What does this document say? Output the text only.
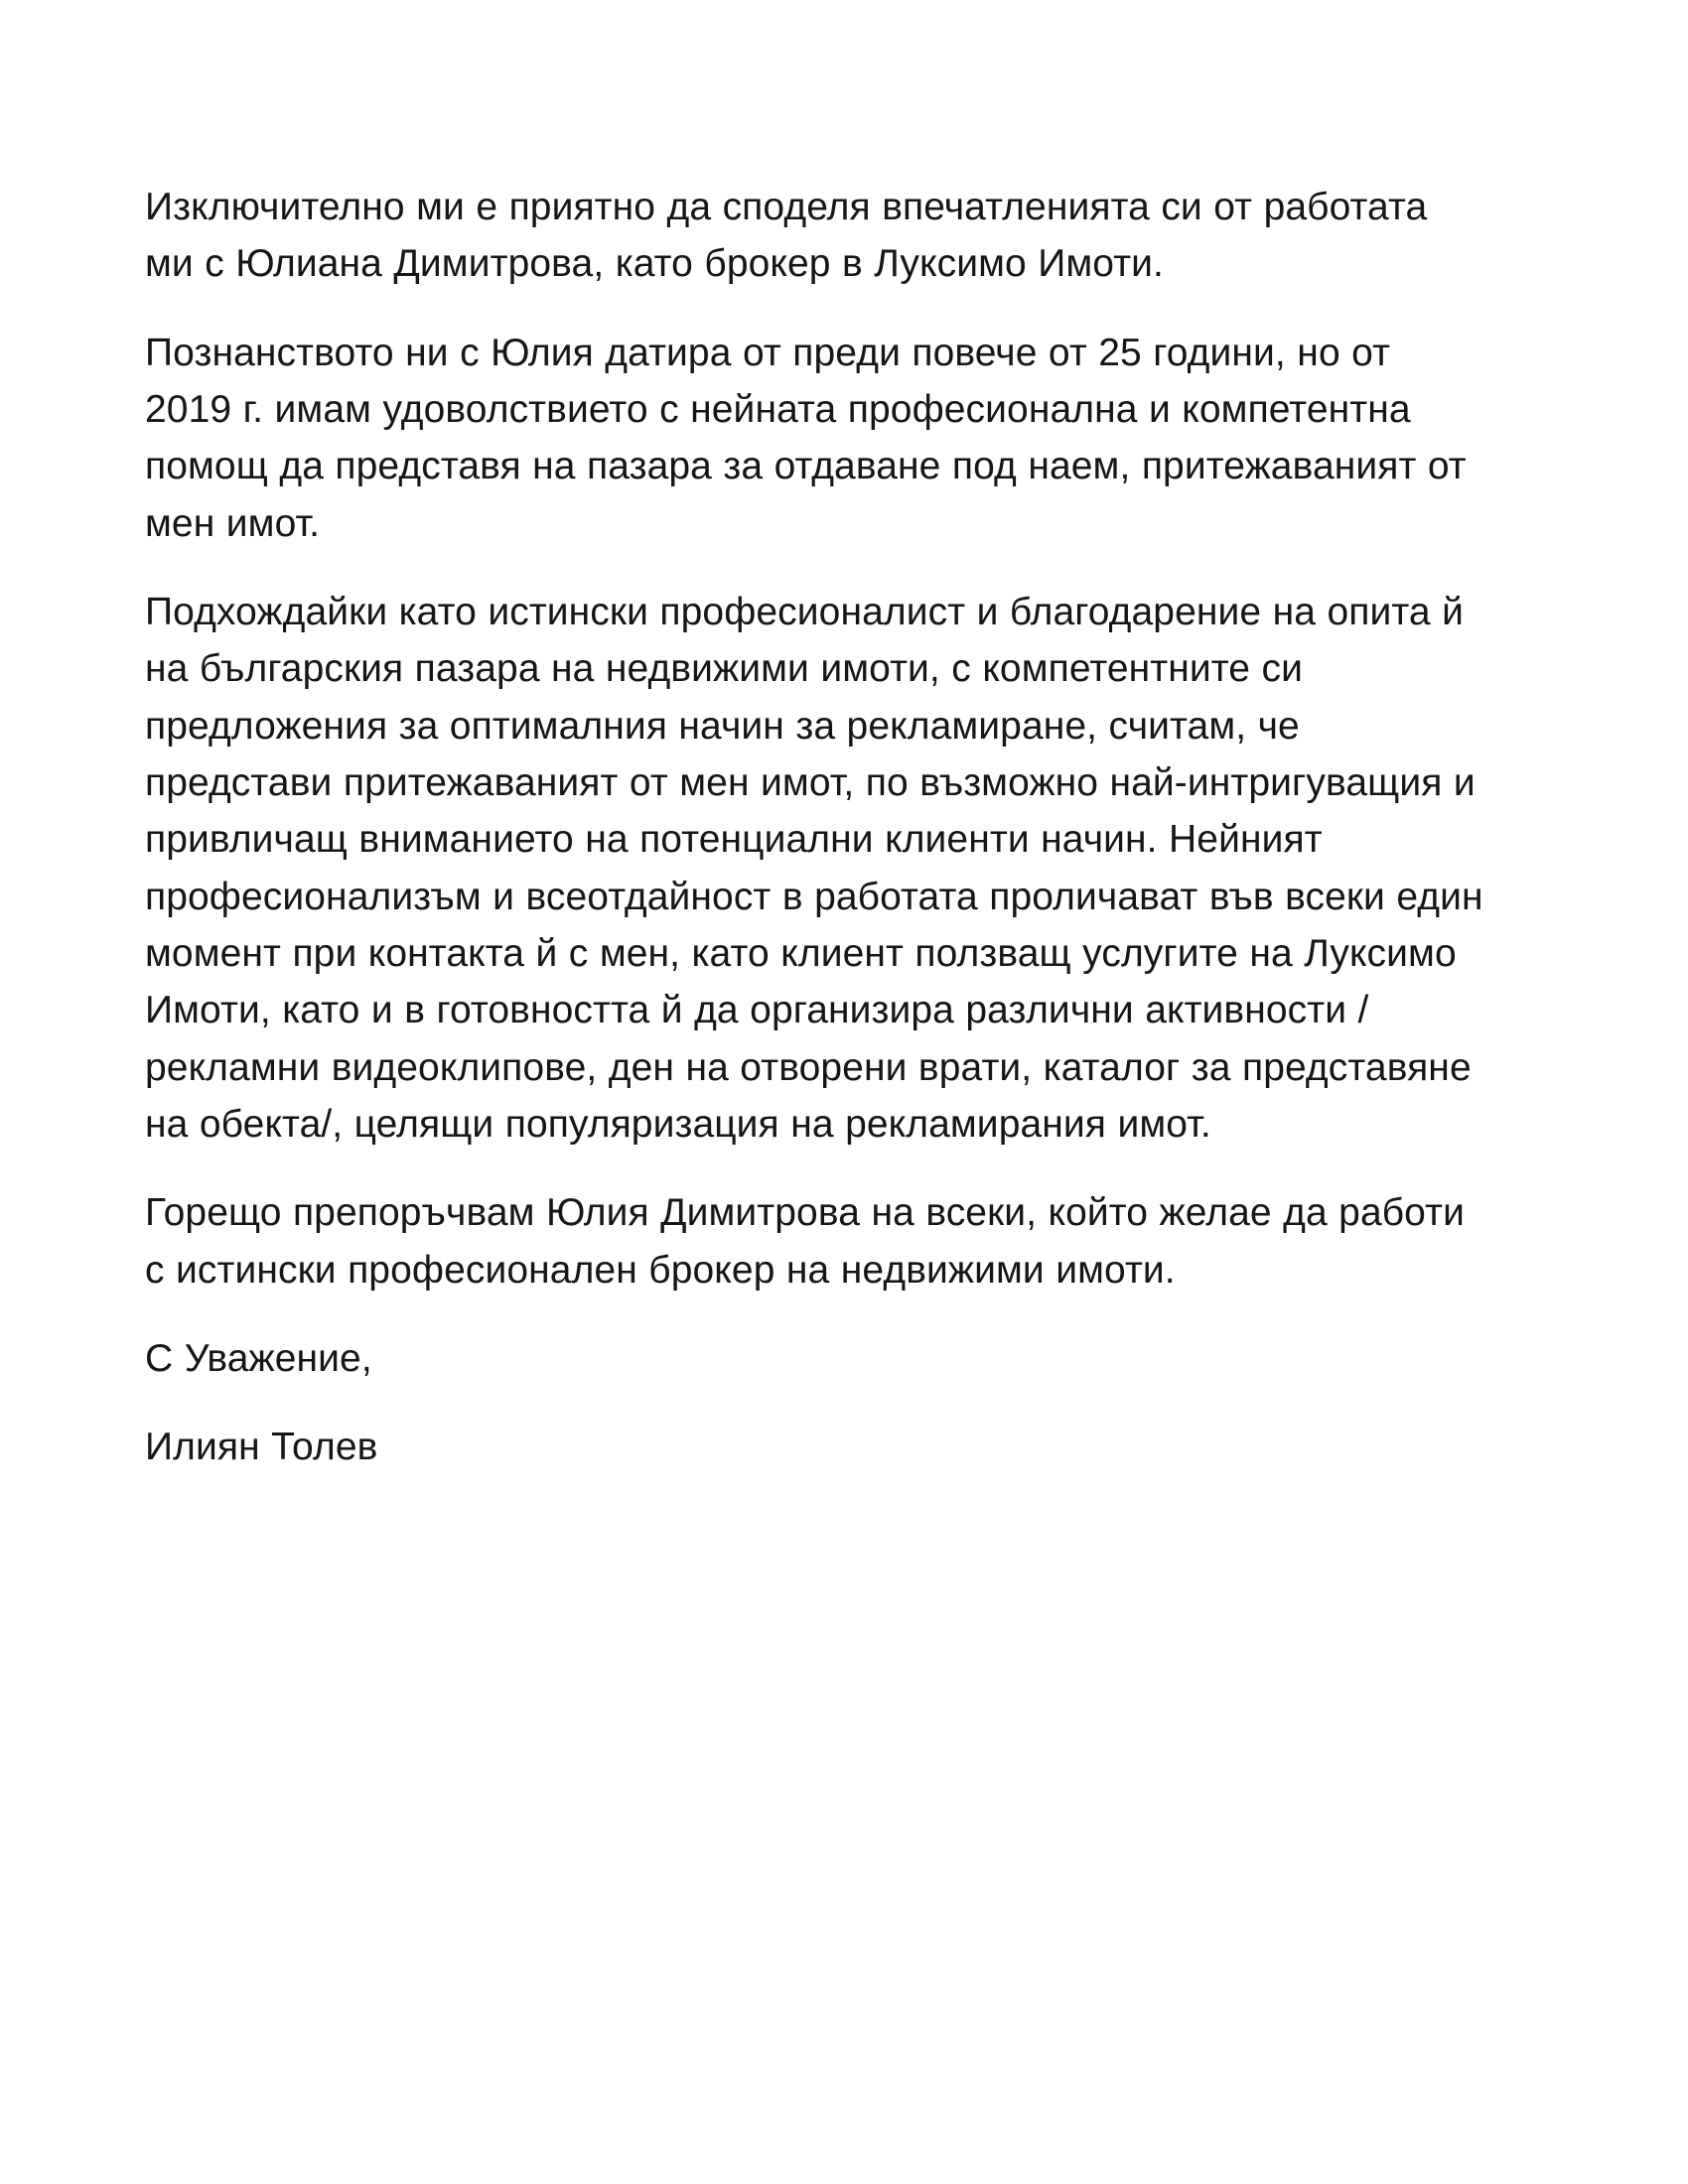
Изключително ми е приятно да споделя впечатленията си от работата ми с Юлиана Димитрова, като брокер в Луксимо Имоти.

Познанството ни с Юлия датира от преди повече от 25 години, но от 2019 г. имам удоволствието с нейната професионална и компетентна помощ да представя на пазара за отдаване под наем, притежаваният от мен имот.

Подхождайки като истински професионалист и благодарение на опита й на българския пазара на недвижими имоти, с компетентните си предложения за оптималния начин за рекламиране, считам, че представи притежаваният от мен имот, по възможно най-интригуващия и привличащ вниманието на потенциални клиенти начин. Нейният професионализъм и всеотдайност в работата проличават във всеки един момент при контакта й с мен, като клиент ползващ услугите на Луксимо Имоти, като и в готовността й да организира различни активности /рекламни видеоклипове, ден на отворени врати, каталог за представяне на обекта/, целящи популяризация на рекламирания имот.

Горещо препоръчвам Юлия Димитрова на всеки, който желае да работи с истински професионален брокер на недвижими имоти.

С Уважение,

Илиян Толев
